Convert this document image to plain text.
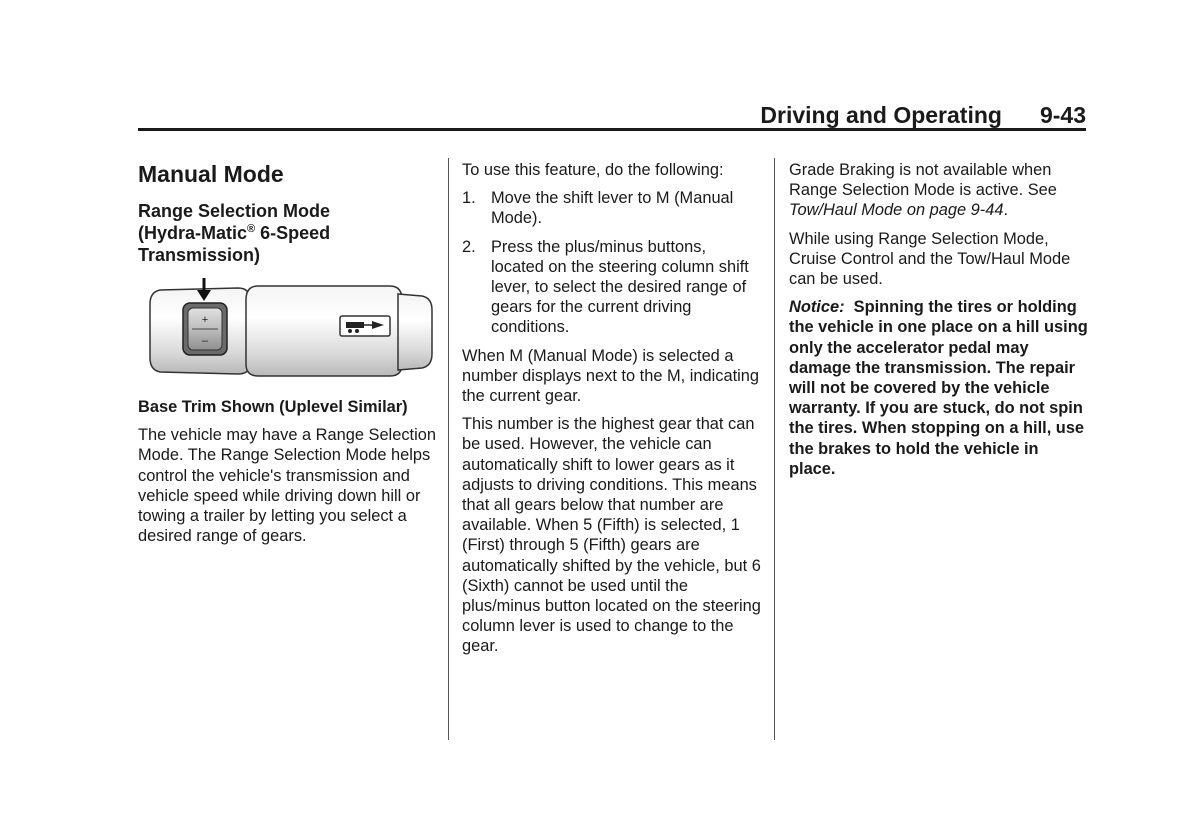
Driving and Operating 9-43
Manual Mode
Range Selection Mode
(Hydra-Matic® 6-Speed
Transmission)
+
–

Base Trim Shown (Uplevel Similar)

The vehicle may have a Range Selection Mode. The Range Selection Mode helps control the vehicle's transmission and vehicle speed while driving down hill or towing a trailer by letting you select a desired range of gears.

To use this feature, do the following:

1. Move the shift lever to M (Manual Mode).
2. Press the plus/minus buttons, located on the steering column shift lever, to select the desired range of gears for the current driving conditions.

When M (Manual Mode) is selected a number displays next to the M, indicating the current gear.

This number is the highest gear that can be used. However, the vehicle can automatically shift to lower gears as it adjusts to driving conditions. This means that all gears below that number are available. When 5 (Fifth) is selected, 1 (First) through 5 (Fifth) gears are automatically shifted by the vehicle, but 6 (Sixth) cannot be used until the plus/minus button located on the steering column lever is used to change to the gear.

Grade Braking is not available when Range Selection Mode is active. See Tow/Haul Mode on page 9-44.

While using Range Selection Mode, Cruise Control and the Tow/Haul Mode can be used.

Notice: Spinning the tires or holding the vehicle in one place on a hill using only the accelerator pedal may damage the transmission. The repair will not be covered by the vehicle warranty. If you are stuck, do not spin the tires. When stopping on a hill, use the brakes to hold the vehicle in place.
